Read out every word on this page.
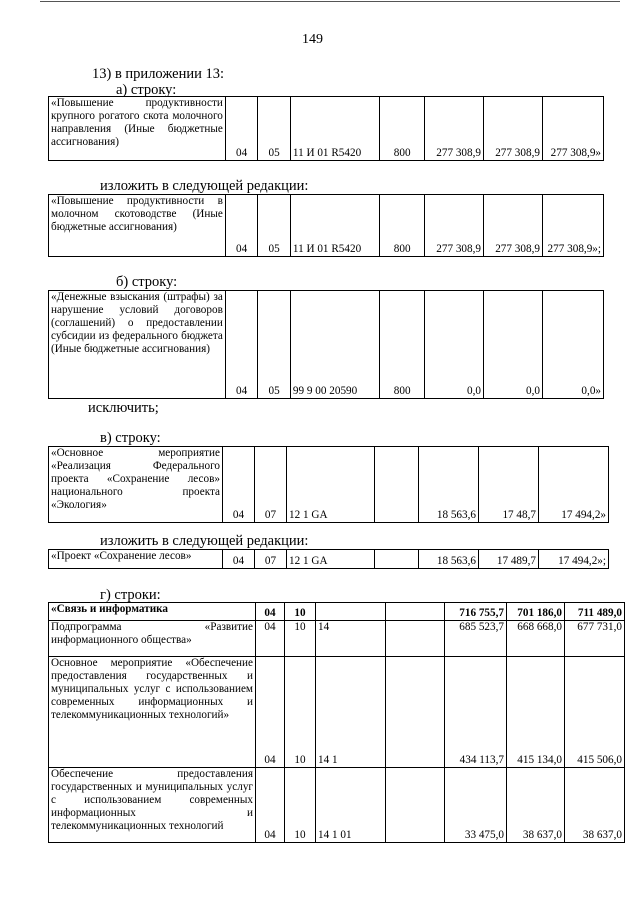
149
13) в приложении 13:
а) строку:
«Повышение продуктивности крупного рогатого скота молочного направления (Иные бюджетные ассигнования)	04	05	11 И 01 R5420	800	277 308,9	277 308,9	277 308,9»
изложить в следующей редакции:
«Повышение продуктивности в молочном скотоводстве (Иные бюджетные ассигнования)	04	05	11 И 01 R5420	800	277 308,9	277 308,9	277 308,9»;
б) строку:
«Денежные взыскания (штрафы) за нарушение условий договоров (соглашений) о предоставлении субсидии из федерального бюджета (Иные бюджетные ассигнования)	04	05	99 9 00 20590	800	0,0	0,0	0,0»
исключить;
в) строку:
«Основное мероприятие «Реализация Федерального проекта «Сохранение лесов» национального проекта «Экология»	04	07	12 1 GA		18 563,6	17 48,7	17 494,2»
изложить в следующей редакции:
«Проект «Сохранение лесов»	04	07	12 1 GA		18 563,6	17 489,7	17 494,2»;
г) строки:
«Связь и информатика	04	10			716 755,7	701 186,0	711 489,0
Подпрограмма «Развитие информационного общества»	04	10	14		685 523,7	668 668,0	677 731,0
Основное мероприятие «Обеспечение предоставления государственных и муниципальных услуг с использованием современных информационных и телекоммуникационных технологий»	04	10	14 1		434 113,7	415 134,0	415 506,0
Обеспечение предоставления государственных и муниципальных услуг с использованием современных информационных и телекоммуникационных технологий	04	10	14 1 01		33 475,0	38 637,0	38 637,0
